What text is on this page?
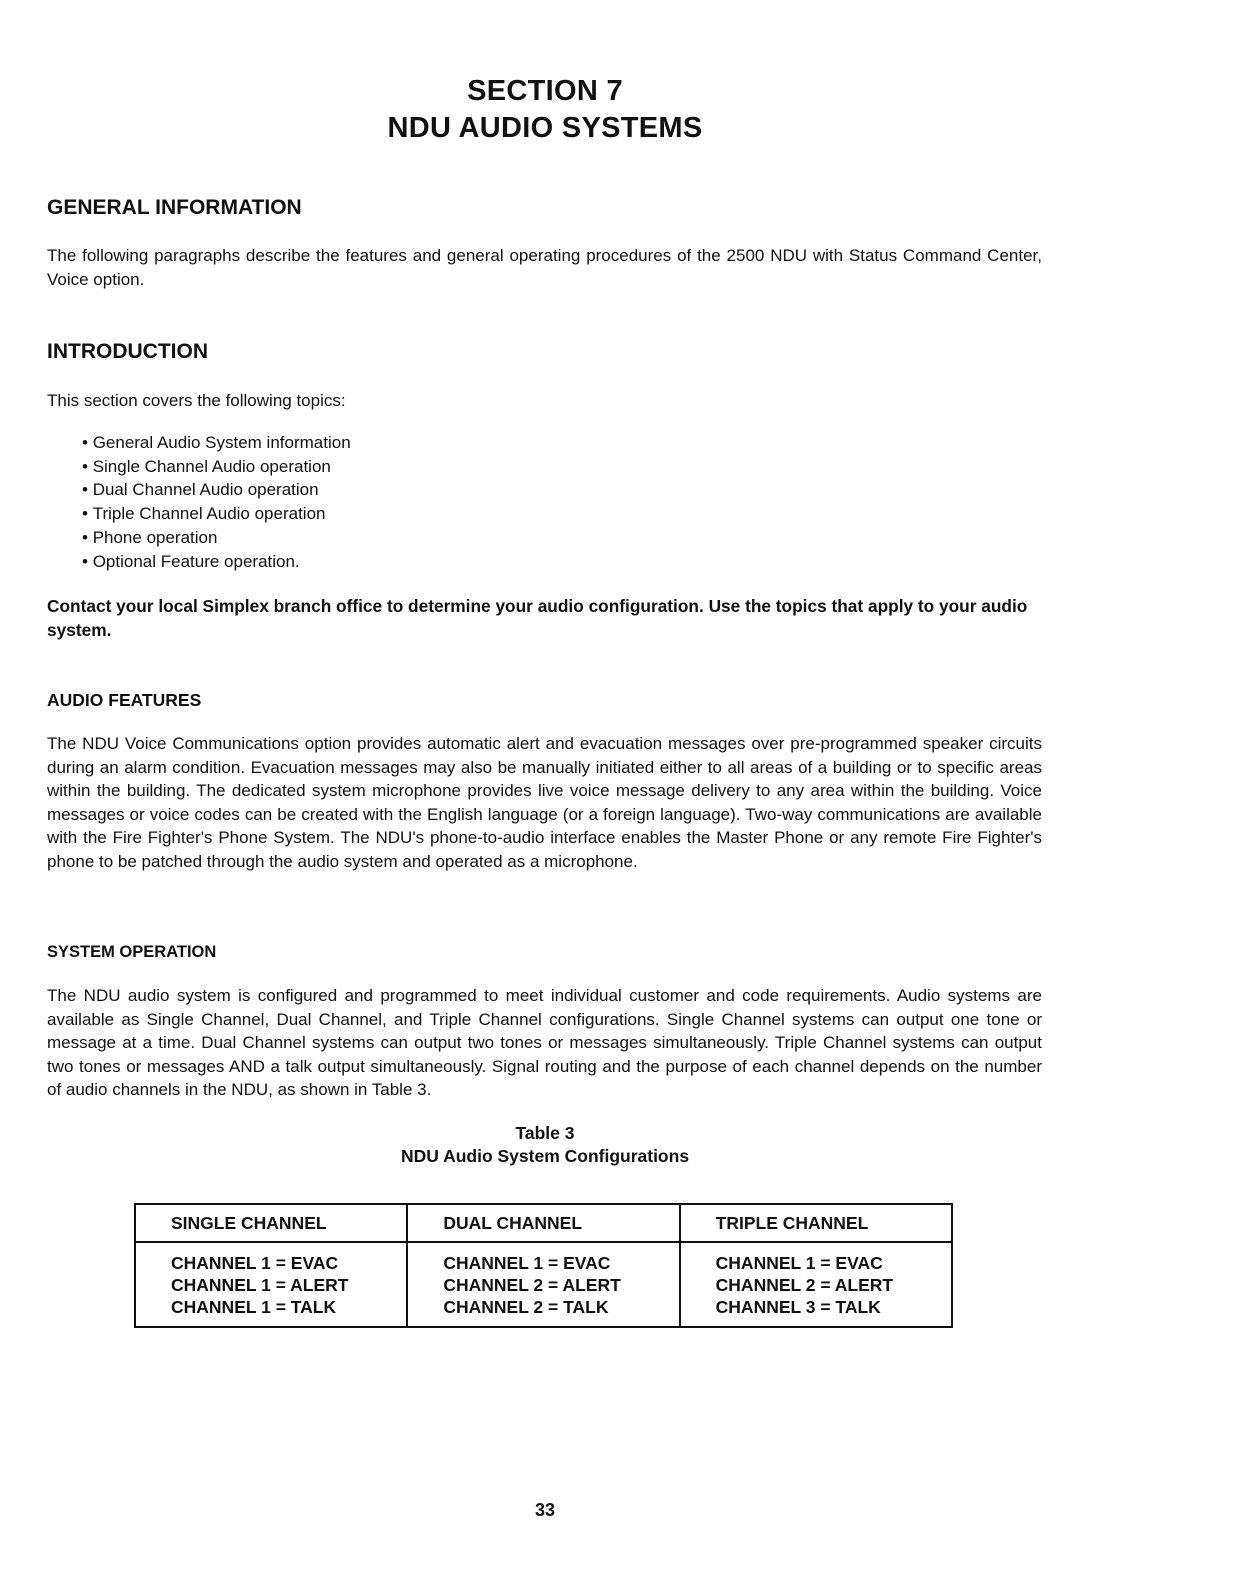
SECTION 7
NDU AUDIO SYSTEMS
GENERAL INFORMATION

The following paragraphs describe the features and general operating procedures of the 2500 NDU with Status Command Center, Voice option.

INTRODUCTION

This section covers the following topics:

• General Audio System information
• Single Channel Audio operation
• Dual Channel Audio operation
• Triple Channel Audio operation
• Phone operation
• Optional Feature operation.

Contact your local Simplex branch office to determine your audio configuration. Use the topics that apply to your audio system.

AUDIO FEATURES

The NDU Voice Communications option provides automatic alert and evacuation messages over pre-programmed speaker circuits during an alarm condition. Evacuation messages may also be manually initiated either to all areas of a building or to specific areas within the building. The dedicated system microphone provides live voice message delivery to any area within the building. Voice messages or voice codes can be created with the English language (or a foreign language). Two-way communications are available with the Fire Fighter's Phone System. The NDU's phone-to-audio interface enables the Master Phone or any remote Fire Fighter's phone to be patched through the audio system and operated as a microphone.

SYSTEM OPERATION

The NDU audio system is configured and programmed to meet individual customer and code requirements. Audio systems are available as Single Channel, Dual Channel, and Triple Channel configurations. Single Channel systems can output one tone or message at a time. Dual Channel systems can output two tones or messages simultaneously. Triple Channel systems can output two tones or messages AND a talk output simultaneously. Signal routing and the purpose of each channel depends on the number of audio channels in the NDU, as shown in Table 3.

Table 3
NDU Audio System Configurations
SINGLE CHANNEL	DUAL CHANNEL	TRIPLE CHANNEL

CHANNEL 1 = EVAC
CHANNEL 1 = ALERT
CHANNEL 1 = TALK	CHANNEL 1 = EVAC
CHANNEL 2 = ALERT
CHANNEL 2 = TALK	CHANNEL 1 = EVAC
CHANNEL 2 = ALERT
CHANNEL 3 = TALK
33
